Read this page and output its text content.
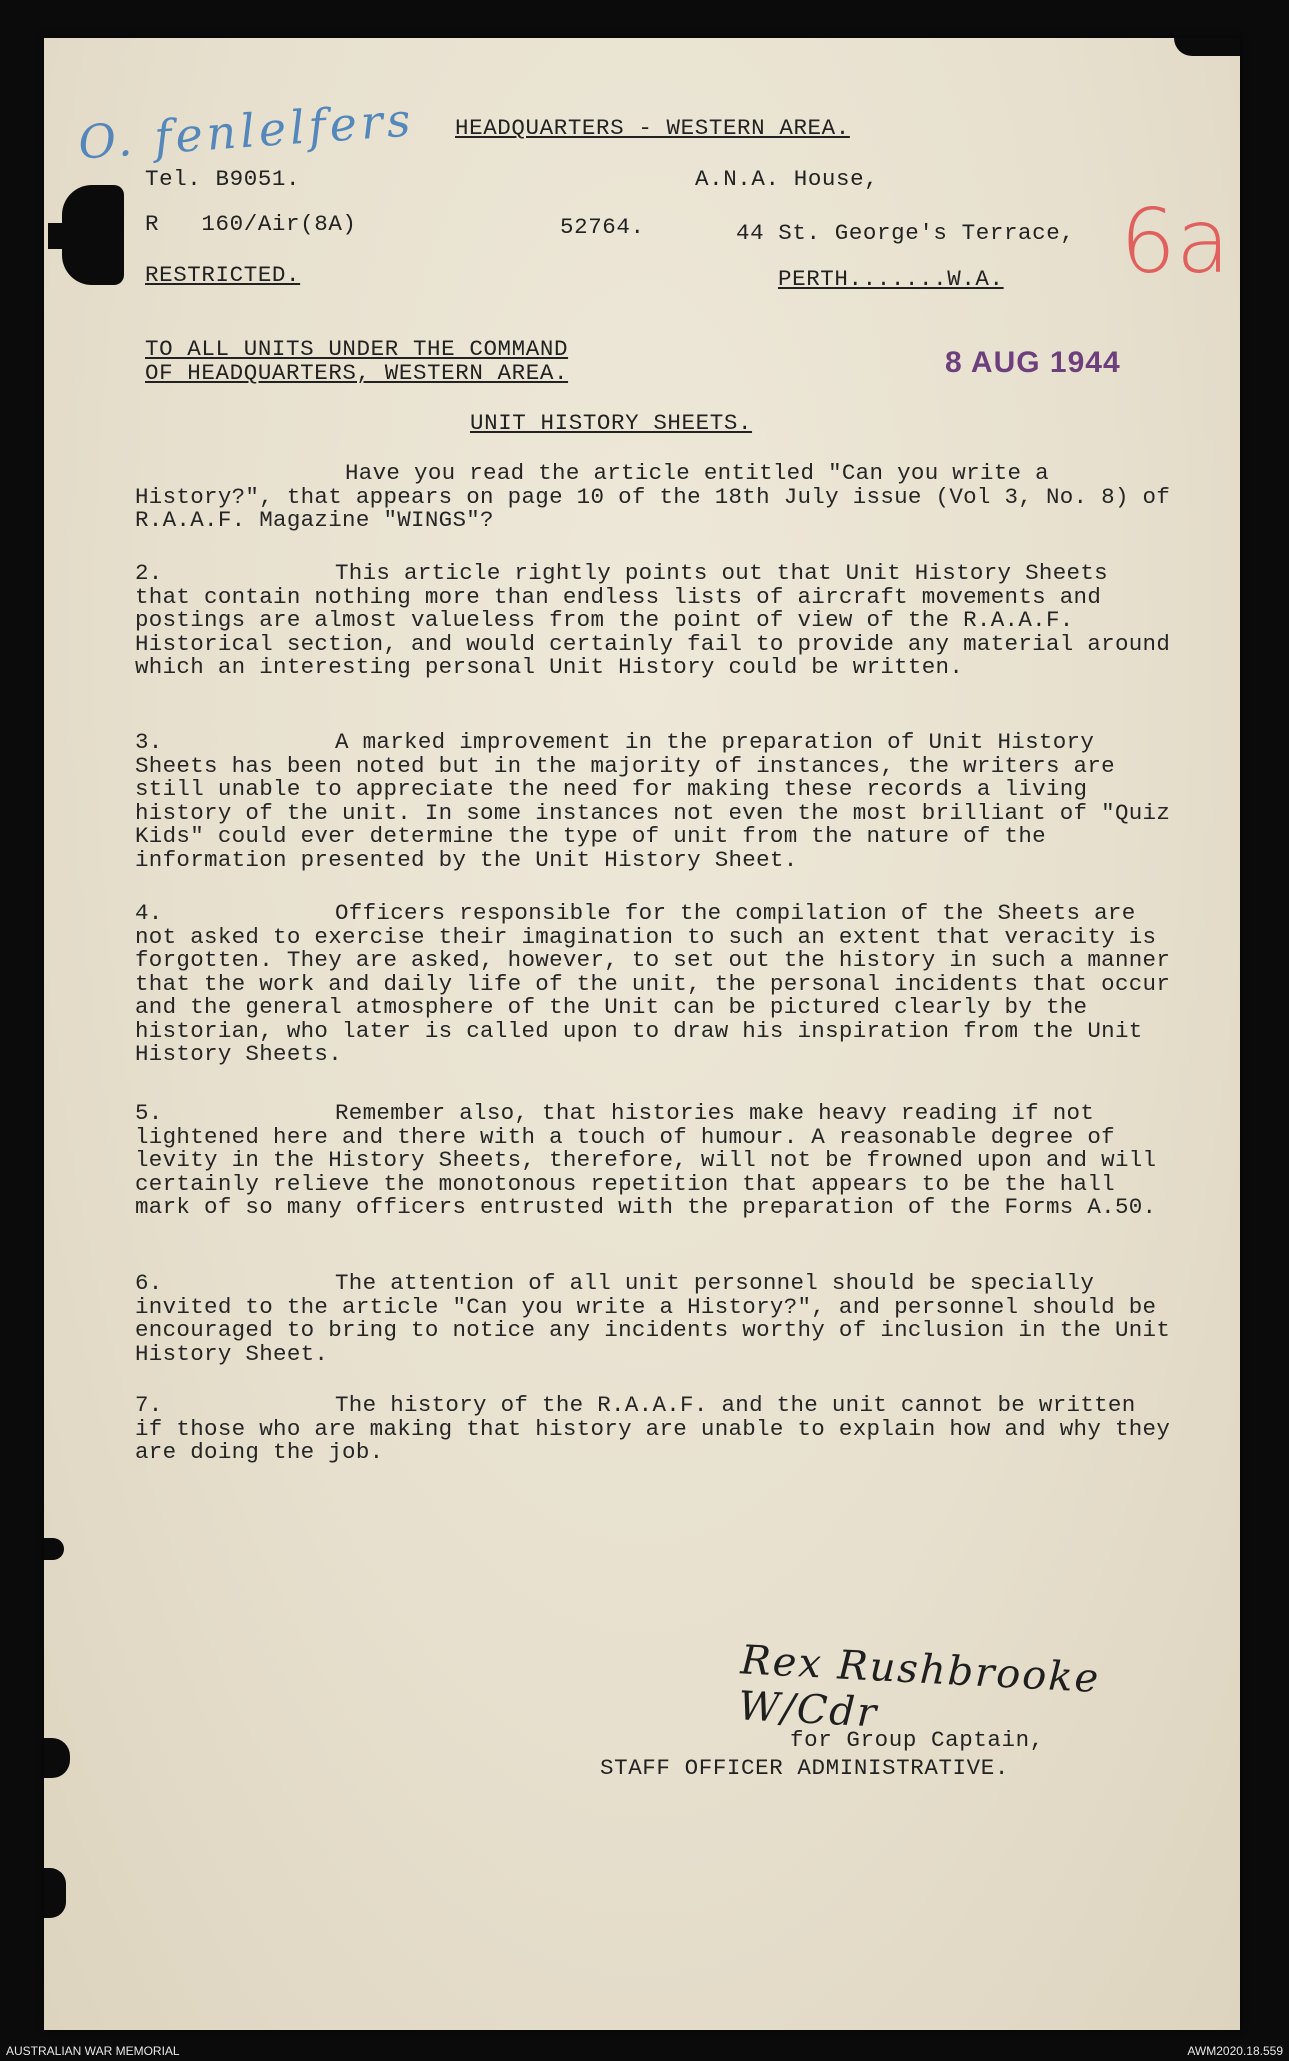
O. fenlelfers
6a
8 AUG 1944
HEADQUARTERS - WESTERN AREA.
Tel. B9051.	A.N.A. House,
R   160/Air(8A)	52764.	44 St. George's Terrace,
RESTRICTED.	PERTH.......W.A.
TO ALL UNITS UNDER THE COMMAND
OF HEADQUARTERS, WESTERN AREA.
UNIT HISTORY SHEETS.
Have you read the article entitled "Can you write a History?", that appears on page 10 of the 18th July issue (Vol 3, No. 8) of R.A.A.F. Magazine "WINGS"?
2.	This article rightly points out that Unit History Sheets that contain nothing more than endless lists of aircraft movements and postings are almost valueless from the point of view of the R.A.A.F. Historical section, and would certainly fail to provide any material around which an interesting personal Unit History could be written.
3.	A marked improvement in the preparation of Unit History Sheets has been noted but in the majority of instances, the writers are still unable to appreciate the need for making these records a living history of the unit. In some instances not even the most brilliant of "Quiz Kids" could ever determine the type of unit from the nature of the information presented by the Unit History Sheet.
4.	Officers responsible for the compilation of the Sheets are not asked to exercise their imagination to such an extent that veracity is forgotten. They are asked, however, to set out the history in such a manner that the work and daily life of the unit, the personal incidents that occur and the general atmosphere of the Unit can be pictured clearly by the historian, who later is called upon to draw his inspiration from the Unit History Sheets.
5.	Remember also, that histories make heavy reading if not lightened here and there with a touch of humour. A reasonable degree of levity in the History Sheets, therefore, will not be frowned upon and will certainly relieve the monotonous repetition that appears to be the hall mark of so many officers entrusted with the preparation of the Forms A.50.
6.	The attention of all unit personnel should be specially invited to the article "Can you write a History?", and personnel should be encouraged to bring to notice any incidents worthy of inclusion in the Unit History Sheet.
7.	The history of the R.A.A.F. and the unit cannot be written if those who are making that history are unable to explain how and why they are doing the job.
Rex Rushbrooke W/Cdr
for Group Captain,
STAFF OFFICER ADMINISTRATIVE.
AUSTRALIAN WAR MEMORIAL	AWM2020.18.559
